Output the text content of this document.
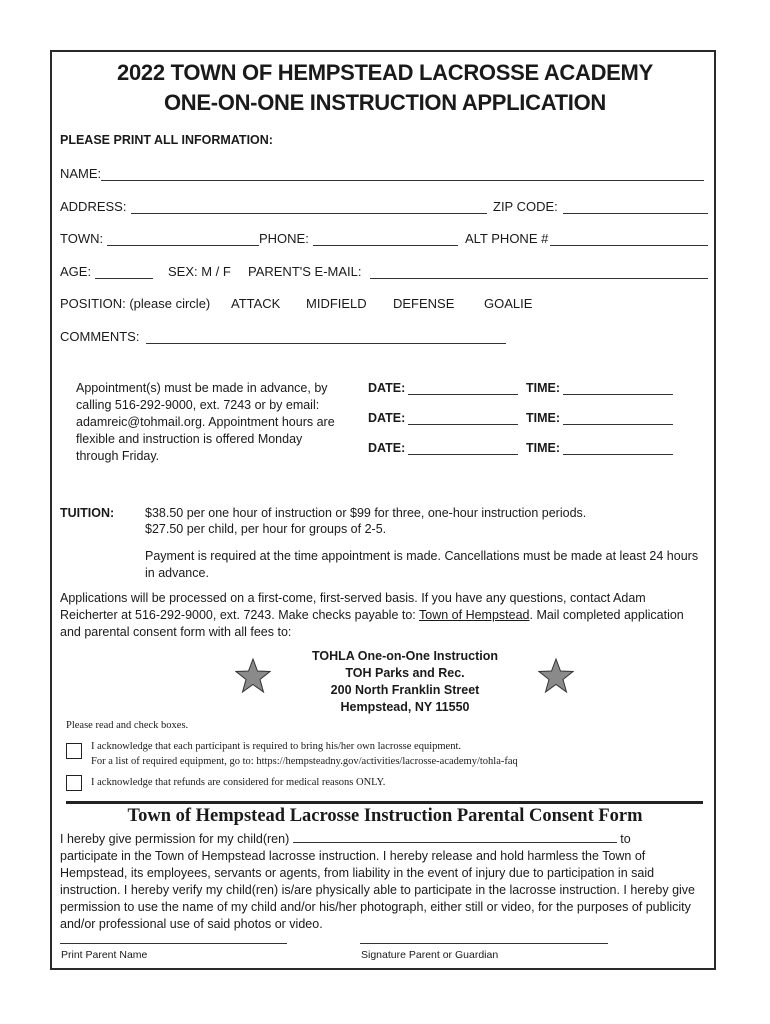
2022 TOWN OF HEMPSTEAD LACROSSE ACADEMY
ONE-ON-ONE INSTRUCTION APPLICATION
PLEASE PRINT ALL INFORMATION:
NAME:
ADDRESS:	ZIP CODE:
TOWN:	PHONE:	ALT PHONE #
AGE:	SEX: M / F PARENT'S E-MAIL:
POSITION: (please circle) ATTACK MIDFIELD DEFENSE GOALIE
COMMENTS:
Appointment(s) must be made in advance, by calling 516-292-9000, ext. 7243 or by email: adamreic@tohmail.org. Appointment hours are flexible and instruction is offered Monday through Friday.
DATE:	TIME:
DATE:	TIME:
DATE:	TIME:
TUITION: $38.50 per one hour of instruction or $99 for three, one-hour instruction periods.
$27.50 per child, per hour for groups of 2-5.
Payment is required at the time appointment is made. Cancellations must be made at least 24 hours in advance.
Applications will be processed on a first-come, first-served basis. If you have any questions, contact Adam Reicherter at 516-292-9000, ext. 7243. Make checks payable to: Town of Hempstead. Mail completed application and parental consent form with all fees to:
TOHLA One-on-One Instruction
TOH Parks and Rec.
200 North Franklin Street
Hempstead, NY 11550
Please read and check boxes.
I acknowledge that each participant is required to bring his/her own lacrosse equipment.
For a list of required equipment, go to: https://hempsteadny.gov/activities/lacrosse-academy/tohla-faq
I acknowledge that refunds are considered for medical reasons ONLY.
Town of Hempstead Lacrosse Instruction Parental Consent Form
I hereby give permission for my child(ren)	to
participate in the Town of Hempstead lacrosse instruction. I hereby release and hold harmless the Town of Hempstead, its employees, servants or agents, from liability in the event of injury due to participation in said instruction. I hereby verify my child(ren) is/are physically able to participate in the lacrosse instruction. I hereby give permission to use the name of my child and/or his/her photograph, either still or video, for the purposes of publicity and/or professional use of said photos or video.
Print Parent Name	Signature Parent or Guardian
